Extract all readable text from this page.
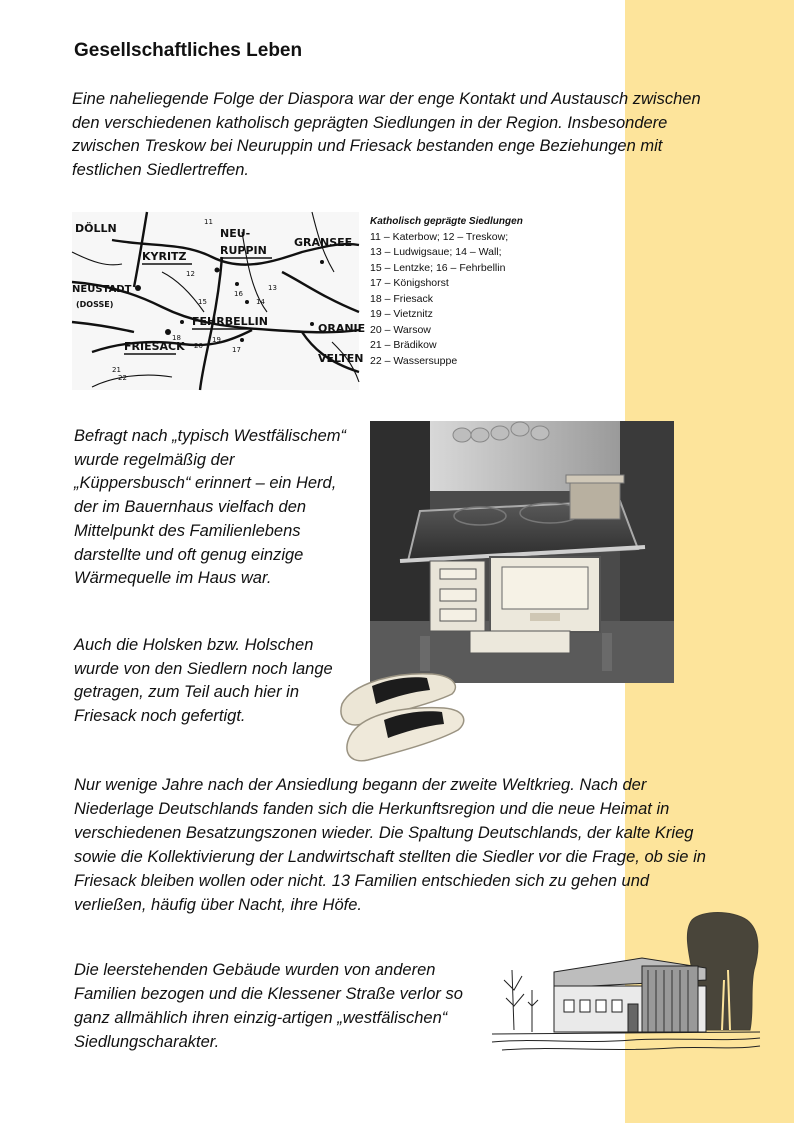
Gesellschaftliches Leben

Eine naheliegende Folge der Diaspora war der enge Kontakt und Austausch zwischen den verschiedenen katholisch geprägten Siedlungen in der Region. Insbesondere zwischen Treskow bei Neuruppin und Friesack bestanden enge Beziehungen mit festlichen Siedlertreffen.

DÖLLN
KYRITZ
NEU-
RUPPIN
GRANSEE
NEUSTADT
(DOSSE)
FEHRBELLIN
FRIESACK
ORANIE
VELTEN
11
12
13
14
15
16
17
18	19
20
21
22
Katholisch geprägte Siedlungen
11 – Katerbow; 12 – Treskow;
13 – Ludwigsaue; 14 – Wall;
15 – Lentzke; 16 – Fehrbellin
17 – Königshorst
18 – Friesack
19 – Vietznitz
20 – Warsow
21 – Brädikow
22 – Wassersuppe

Befragt nach „typisch Westfälischem“ wurde regelmäßig der „Küppersbusch“ erinnert – ein Herd, der im Bauernhaus vielfach den Mittelpunkt des Familienlebens darstellte und oft genug einzige Wärmequelle im Haus war.

Auch die Holsken bzw. Holschen wurde von den Siedlern noch lange getragen, zum Teil auch hier in Friesack noch gefertigt.

Nur wenige Jahre nach der Ansiedlung begann der zweite Weltkrieg. Nach der Niederlage Deutschlands fanden sich die Herkunftsregion und die neue Heimat in verschiedenen Besatzungszonen wieder. Die Spaltung Deutschlands, der kalte Krieg sowie die Kollektivierung der Landwirtschaft stellten die Siedler vor die Frage, ob sie in Friesack bleiben wollen oder nicht. 13 Familien entschieden sich zu gehen und verließen, häufig über Nacht, ihre Höfe.

Die leerstehenden Gebäude wurden von anderen Familien bezogen und die Klessener Straße verlor so ganz allmählich ihren einzig-artigen „westfälischen“ Siedlungscharakter.
